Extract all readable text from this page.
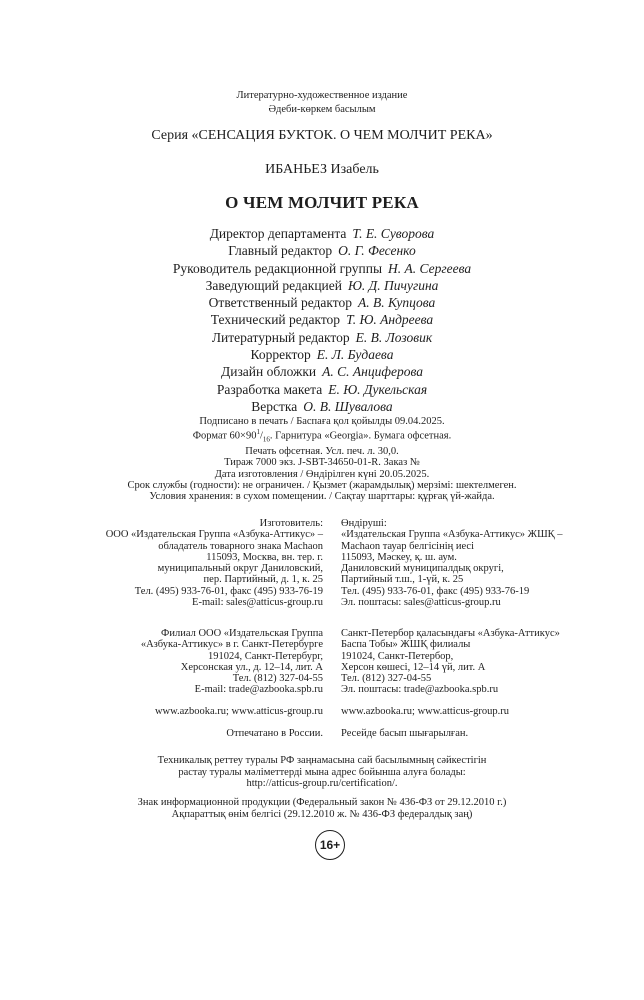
Литературно-художественное издание
Әдеби-көркем басылым
Серия «СЕНСАЦИЯ БУКТОК. О ЧЕМ МОЛЧИТ РЕКА»
ИБАНЬЕЗ Изабель
О ЧЕМ МОЛЧИТ РЕКА
Директор департамента Т. Е. Суворова
Главный редактор О. Г. Фесенко
Руководитель редакционной группы Н. А. Сергеева
Заведующий редакцией Ю. Д. Пичугина
Ответственный редактор А. В. Купцова
Технический редактор Т. Ю. Андреева
Литературный редактор Е. В. Лозовик
Корректор Е. Л. Будаева
Дизайн обложки А. С. Анциферова
Разработка макета Е. Ю. Дукельская
Верстка О. В. Шувалова
Подписано в печать / Баспаға қол қойылды 09.04.2025.
Формат $60\times 90^1/_{16}$. Гарнитура «Georgia». Бумага офсетная.
Печать офсетная. Усл. печ. л. 30,0.
Тираж 7000 экз. J-SBT-34650-01-R. Заказ №
Дата изготовления / Өндірілген күні 20.05.2025.
Срок службы (годности): не ограничен. / Қызмет (жарамдылық) мерзімі: шектелмеген.
Условия хранения: в сухом помещении. / Сақтау шарттары: құрғақ үй-жайда.
Изготовитель:
ООО «Издательская Группа «Азбука-Аттикус» –
обладатель товарного знака Machaon
115093, Москва, вн. тер. г.
муниципальный округ Даниловский,
пер. Партийный, д. 1, к. 25
Тел. (495) 933-76-01, факс (495) 933-76-19
E-mail: sales@atticus-group.ru
Өндіруші:
«Издательская Группа «Азбука-Аттикус» ЖШҚ –
Machaon тауар белгісінің иесі
115093, Мәскеу, қ. ш. аум.
Даниловский муниципалдық округі,
Партийный т.ш., 1-үй, к. 25
Тел. (495) 933-76-01, факс (495) 933-76-19
Эл. поштасы: sales@atticus-group.ru
Филиал ООО «Издательская Группа
«Азбука-Аттикус» в г. Санкт-Петербурге
191024, Санкт-Петербург,
Херсонская ул., д. 12–14, лит. А
Тел. (812) 327-04-55
E-mail: trade@azbooka.spb.ru
Санкт-Петербор қаласындағы «Азбука-Аттикус»
Баспа Тобы» ЖШҚ филиалы
191024, Санкт-Петербор,
Херсон көшесі, 12–14 үй, лит. А
Тел. (812) 327-04-55
Эл. поштасы: trade@azbooka.spb.ru
www.azbooka.ru; www.atticus-group.ru www.azbooka.ru; www.atticus-group.ru
Отпечатано в России. Ресейде басып шығарылған.
Техникалық реттеу туралы РФ заңнамасына сай басылымның сәйкестігін
растау туралы мәліметтерді мына адрес бойынша алуға болады:
http://atticus-group.ru/certification/.
Знак информационной продукции (Федеральный закон № 436-ФЗ от 29.12.2010 г.)
Ақпараттық өнім белгісі (29.12.2010 ж. № 436-ФЗ федералдық заң)
16+
